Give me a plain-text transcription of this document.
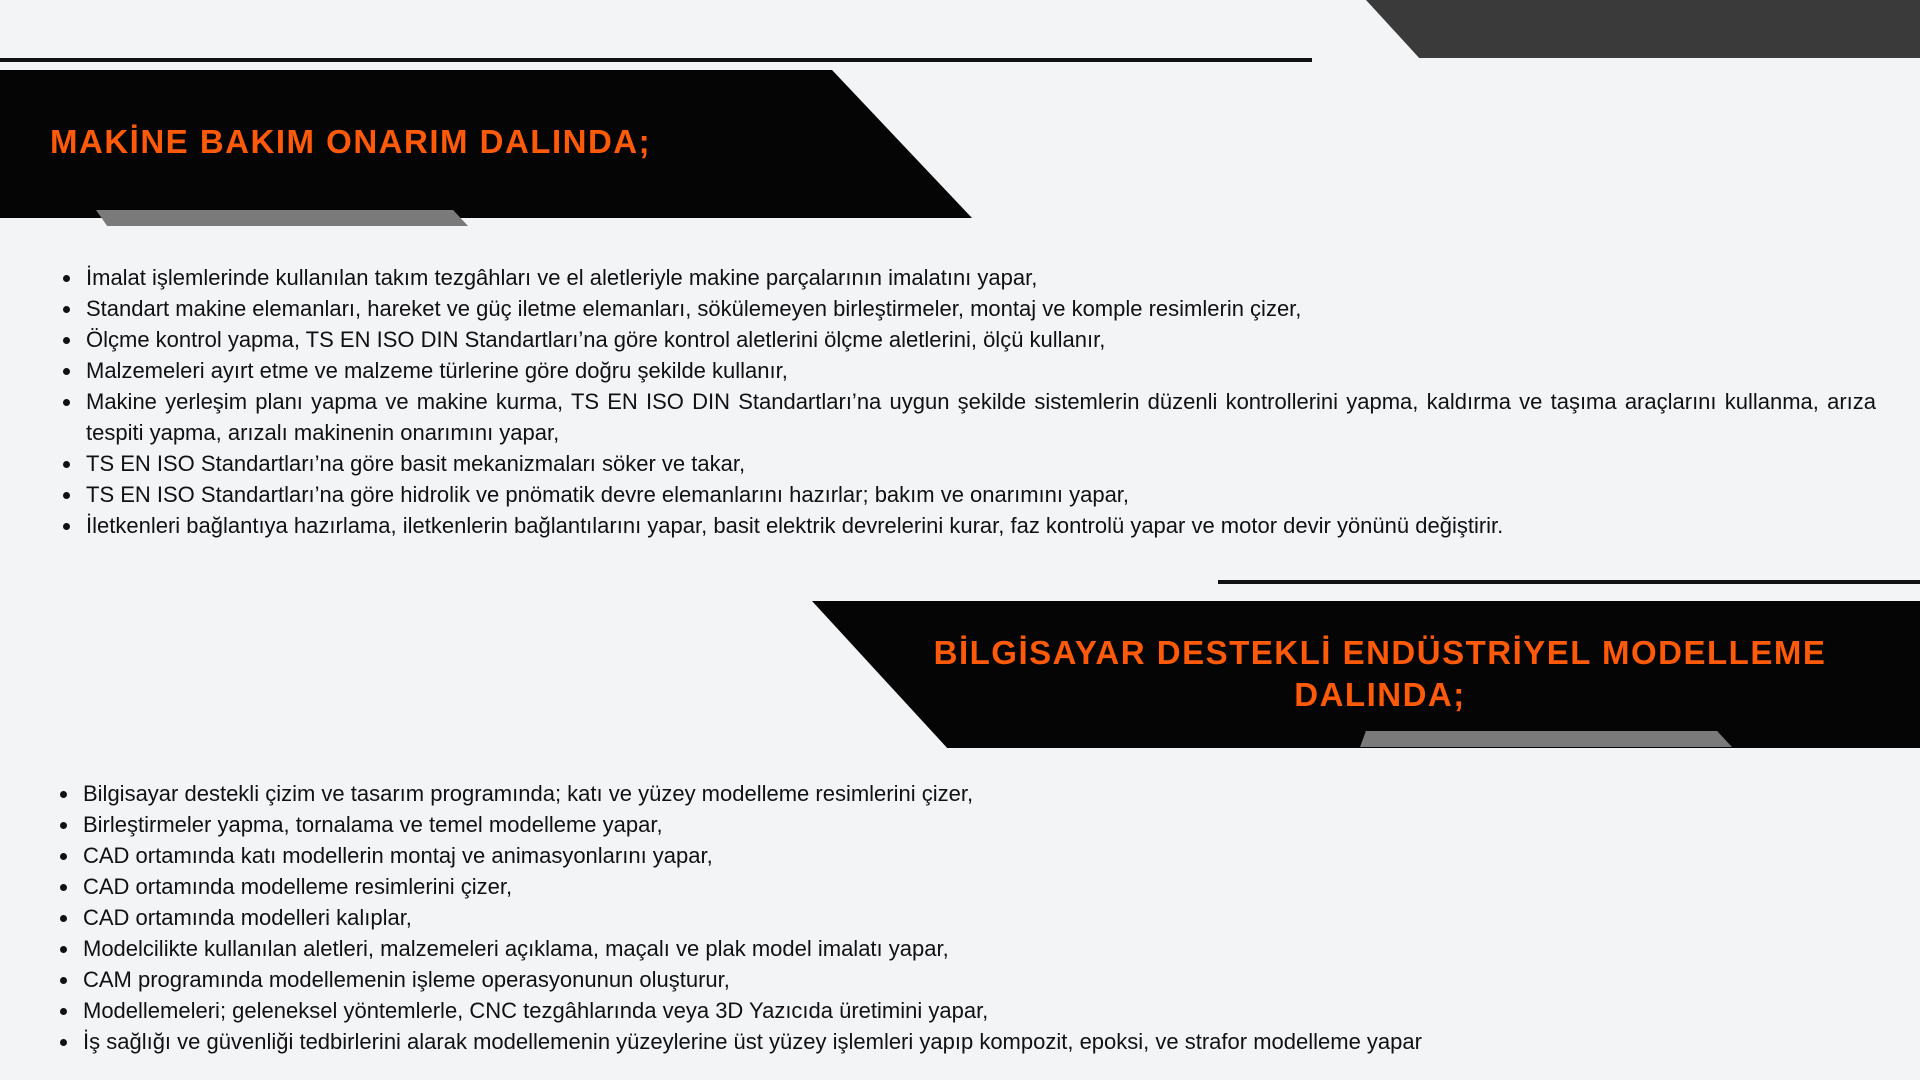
MAKİNE BAKIM ONARIM DALINDA;
İmalat işlemlerinde kullanılan takım tezgâhları ve el aletleriyle makine parçalarının imalatını yapar,
Standart makine elemanları, hareket ve güç iletme elemanları, sökülemeyen birleştirmeler, montaj ve komple resimlerin çizer,
Ölçme kontrol yapma, TS EN ISO DIN Standartları’na göre kontrol aletlerini ölçme aletlerini, ölçü kullanır,
Malzemeleri ayırt etme ve malzeme türlerine göre doğru şekilde kullanır,
Makine yerleşim planı yapma ve makine kurma, TS EN ISO DIN Standartları’na uygun şekilde sistemlerin düzenli kontrollerini yapma, kaldırma ve taşıma araçlarını kullanma, arıza tespiti yapma, arızalı makinenin onarımını yapar,
TS EN ISO Standartları’na göre basit mekanizmaları söker ve takar,
TS EN ISO Standartları’na göre hidrolik ve pnömatik devre elemanlarını hazırlar; bakım ve onarımını yapar,
İletkenleri bağlantıya hazırlama, iletkenlerin bağlantılarını yapar, basit elektrik devrelerini kurar, faz kontrolü yapar ve motor devir yönünü değiştirir.
BİLGİSAYAR DESTEKLİ ENDÜSTRİYEL MODELLEME DALINDA;
Bilgisayar destekli çizim ve tasarım programında; katı ve yüzey modelleme resimlerini çizer,
Birleştirmeler yapma, tornalama ve temel modelleme yapar,
CAD ortamında katı modellerin montaj ve animasyonlarını yapar,
CAD ortamında modelleme resimlerini çizer,
CAD ortamında modelleri kalıplar,
Modelcilikte kullanılan aletleri, malzemeleri açıklama, maçalı ve plak model imalatı yapar,
CAM programında modellemenin işleme operasyonunun oluşturur,
Modellemeleri; geleneksel yöntemlerle, CNC tezgâhlarında veya 3D Yazıcıda üretimini yapar,
İş sağlığı ve güvenliği tedbirlerini alarak modellemenin yüzeylerine üst yüzey işlemleri yapıp kompozit, epoksi, ve strafor modelleme yapar
